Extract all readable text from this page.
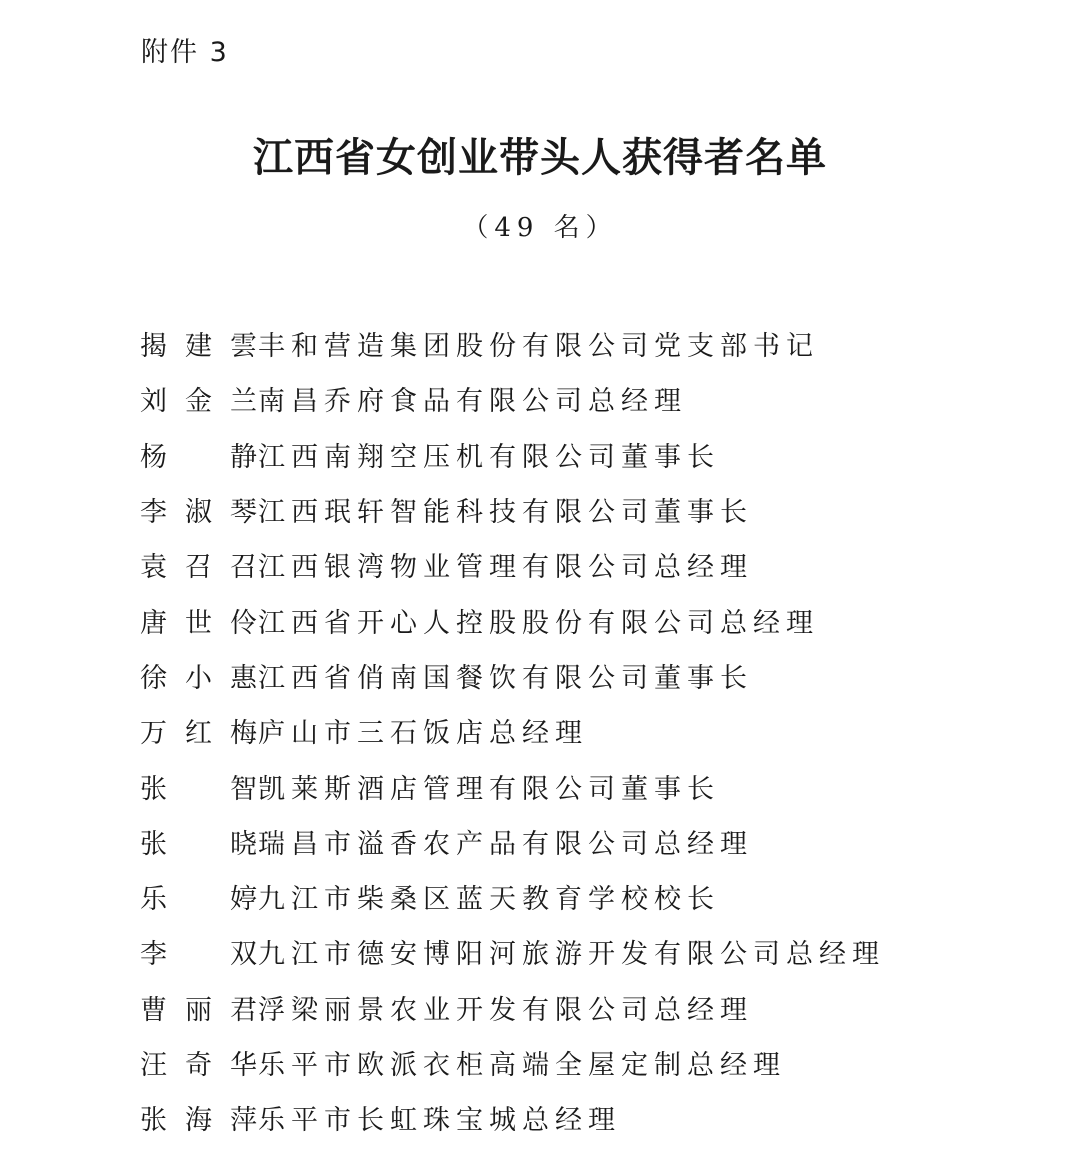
附件 3
江西省女创业带头人获得者名单
（49 名）
揭建雲 丰和营造集团股份有限公司党支部书记
刘金兰 南昌乔府食品有限公司总经理
杨 静 江西南翔空压机有限公司董事长
李淑琴 江西珉轩智能科技有限公司董事长
袁召召 江西银湾物业管理有限公司总经理
唐世伶 江西省开心人控股股份有限公司总经理
徐小惠 江西省俏南国餐饮有限公司董事长
万红梅 庐山市三石饭店总经理
张 智 凯莱斯酒店管理有限公司董事长
张 晓 瑞昌市溢香农产品有限公司总经理
乐 婷 九江市柴桑区蓝天教育学校校长
李 双 九江市德安博阳河旅游开发有限公司总经理
曹丽君 浮梁丽景农业开发有限公司总经理
汪奇华 乐平市欧派衣柜高端全屋定制总经理
张海萍 乐平市长虹珠宝城总经理
